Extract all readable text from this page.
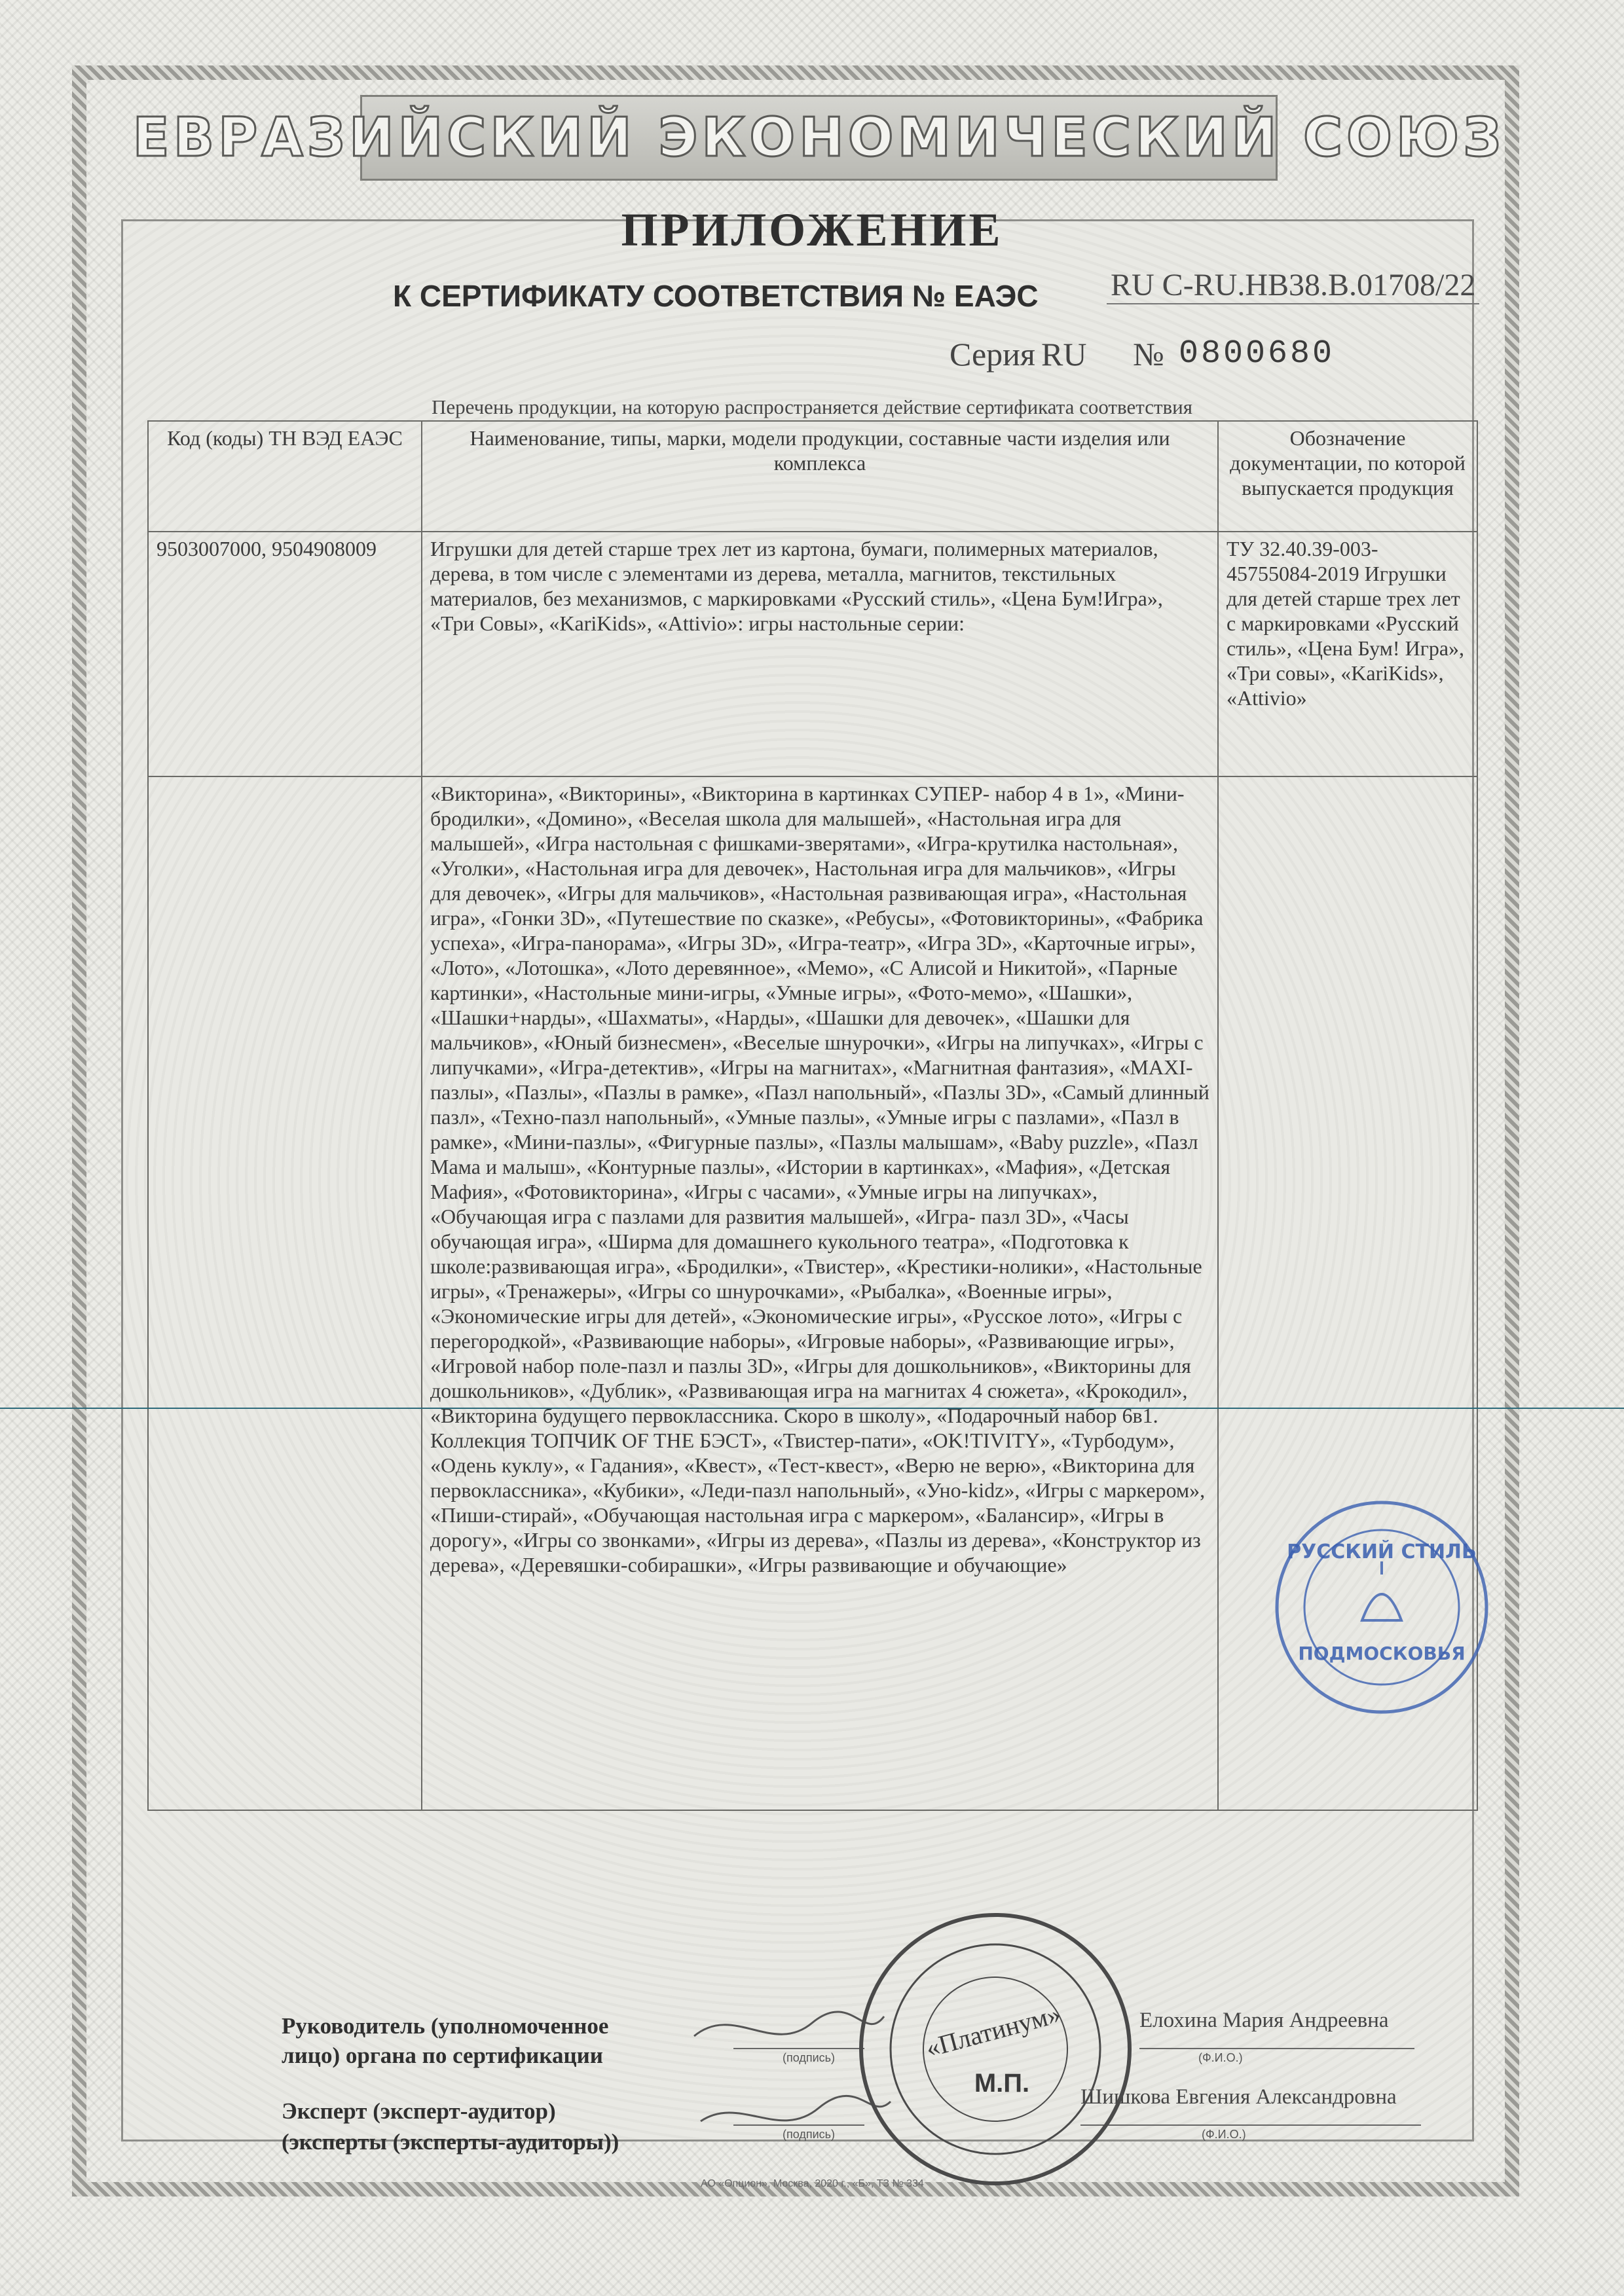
ЕВРАЗИЙСКИЙ ЭКОНОМИЧЕСКИЙ СОЮЗ
ПРИЛОЖЕНИЕ
К СЕРТИФИКАТУ СООТВЕТСТВИЯ № ЕАЭС RU C-RU.НВ38.В.01708/22
Серия RU № 0800680
Перечень продукции, на которую распространяется действие сертификата соответствия
Код (коды) ТН ВЭД ЕАЭС	Наименование, типы, марки, модели продукции, составные части изделия или комплекса	Обозначение документации, по которой выпускается продукция
9503007000, 9504908009	Игрушки для детей старше трех лет из картона, бумаги, полимерных материалов, дерева, в том числе с элементами из дерева, металла, магнитов, текстильных материалов, без механизмов, с маркировками «Русский стиль», «Цена Бум!Игра», «Три Совы», «KariKids», «Attivio»: игры настольные серии:	ТУ 32.40.39-003-45755084-2019 Игрушки для детей старше трех лет с маркировками «Русский стиль», «Цена Бум! Игра», «Три совы», «KariKids», «Attivio»
	«Викторина», «Викторины», «Викторина в картинках СУПЕР- набор 4 в 1», «Мини-бродилки», «Домино», «Веселая школа для малышей», «Настольная игра для малышей», «Игра настольная с фишками-зверятами», «Игра-крутилка настольная», «Уголки», «Настольная игра для девочек», Настольная игра для мальчиков», «Игры для девочек», «Игры для мальчиков», «Настольная развивающая игра», «Настольная игра», «Гонки 3D», «Путешествие по сказке», «Ребусы», «Фотовикторины», «Фабрика успеха», «Игра-панорама», «Игры 3D», «Игра-театр», «Игра 3D», «Карточные игры», «Лото», «Лотошка», «Лото деревянное», «Мемо», «С Алисой и Никитой», «Парные картинки», «Настольные мини-игры, «Умные игры», «Фото-мемо», «Шашки», «Шашки+нарды», «Шахматы», «Нарды», «Шашки для девочек», «Шашки для мальчиков», «Юный бизнесмен», «Веселые шнурочки», «Игры на липучках», «Игры с липучками», «Игра-детектив», «Игры на магнитах», «Магнитная фантазия», «MAXI-пазлы», «Пазлы», «Пазлы в рамке», «Пазл напольный», «Пазлы 3D», «Самый длинный пазл», «Техно-пазл напольный», «Умные пазлы», «Умные игры с пазлами», «Пазл в рамке», «Мини-пазлы», «Фигурные пазлы», «Пазлы малышам», «Baby puzzle», «Пазл Мама и малыш», «Контурные пазлы», «Истории в картинках», «Мафия», «Детская Мафия», «Фотовикторина», «Игры с часами», «Умные игры на липучках», «Обучающая игра с пазлами для развития малышей», «Игра- пазл 3D», «Часы обучающая игра», «Ширма для домашнего кукольного театра», «Подготовка к школе:развивающая игра», «Бродилки», «Твистер», «Крестики-нолики», «Настольные игры», «Тренажеры», «Игры со шнурочками», «Рыбалка», «Военные игры», «Экономические игры для детей», «Экономические игры», «Русское лото», «Игры с перегородкой», «Развивающие наборы», «Игровые наборы», «Развивающие игры», «Игровой набор поле-пазл и пазлы 3D», «Игры для дошкольников», «Викторины для дошкольников», «Дублик», «Развивающая игра на магнитах 4 сюжета», «Крокодил», «Викторина будущего первоклассника. Скоро в школу», «Подарочный набор 6в1. Коллекция ТОПЧИК OF THE БЭСТ», «Твистер-пати», «OK!TIVITY», «Турбодум», «Одень куклу», « Гадания», «Квест», «Тест-квест», «Верю не верю», «Викторина для первоклассника», «Кубики», «Леди-пазл напольный», «Уно-kidz», «Игры с маркером», «Пиши-стирай», «Обучающая настольная игра с маркером», «Балансир», «Игры в дорогу», «Игры со звонками», «Игры из дерева», «Пазлы из дерева», «Конструктор из дерева», «Деревяшки-собирашки», «Игры развивающие и обучающие»	
РУССКИЙ СТИЛЬ
ПОДМОСКОВЬЯ
Руководитель (уполномоченное
лицо) органа по сертификации	(подпись)
Елохина Мария Андреевна
(Ф.И.О.)
Эксперт (эксперт-аудитор)
(эксперты (эксперты-аудиторы))	(подпись)
Шишкова Евгения Александровна
(Ф.И.О.)
«Платинум»
М.П.
АО «Опцион», Москва, 2020 г., «Б», ТЗ № 334
